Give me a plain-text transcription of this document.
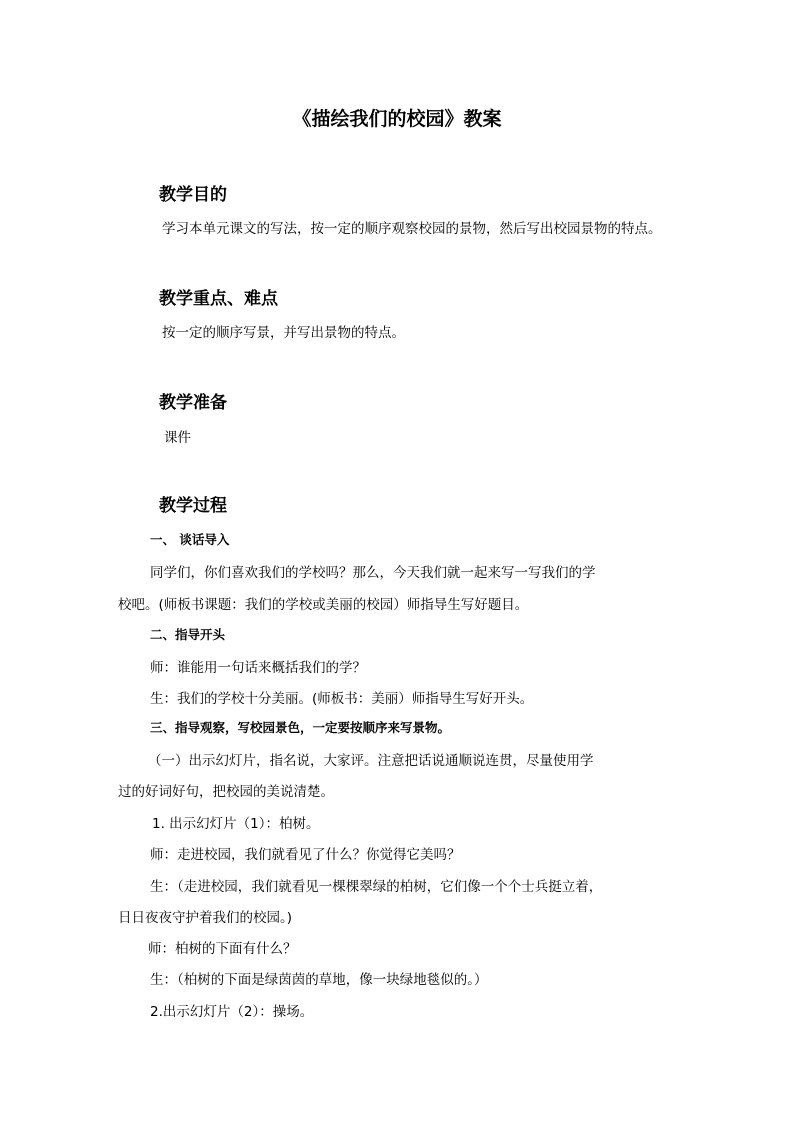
《描绘我们的校园》教案
教学目的

学习本单元课文的写法，按一定的顺序观察校园的景物，然后写出校园景物的特点。

教学重点、难点

按一定的顺序写景，并写出景物的特点。

教学准备

课件

教学过程

一、 谈话导入

同学们，你们喜欢我们的学校吗？那么，今天我们就一起来写一写我们的学

校吧。(师板书课题：我们的学校或美丽的校园）师指导生写好题目。

二、指导开头

师：谁能用一句话来概括我们的学？

生：我们的学校十分美丽。(师板书：美丽）师指导生写好开头。

三、指导观察，写校园景色，一定要按顺序来写景物。

（一）出示幻灯片，指名说，大家评。注意把话说通顺说连贯，尽量使用学

过的好词好句，把校园的美说清楚。

1. 出示幻灯片（1）：柏树。

师：走进校园，我们就看见了什么？你觉得它美吗？

生：（走进校园，我们就看见一棵棵翠绿的柏树，它们像一个个士兵挺立着，

日日夜夜守护着我们的校园。)

师：柏树的下面有什么？

生：（柏树的下面是绿茵茵的草地，像一块绿地毯似的。）

2.出示幻灯片（2）：操场。
